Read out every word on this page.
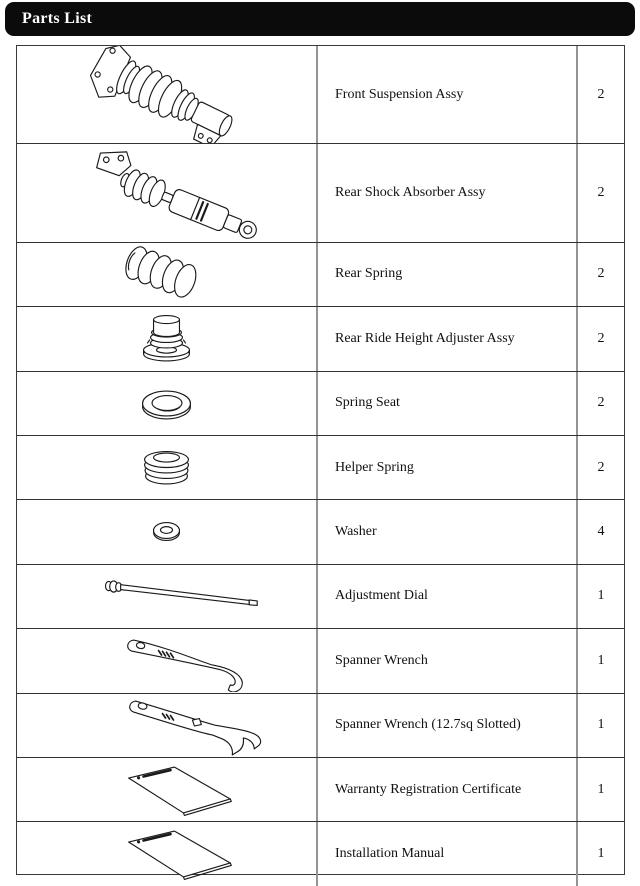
Parts List
Front Suspension Assy	2
Rear Shock Absorber Assy	2
Rear Spring	2
Rear Ride Height Adjuster Assy	2
Spring Seat	2
Helper Spring	2
Washer	4
Adjustment Dial	1
Spanner Wrench	1
Spanner Wrench (12.7sq Slotted)	1
Warranty Registration Certificate	1
Installation Manual	1
